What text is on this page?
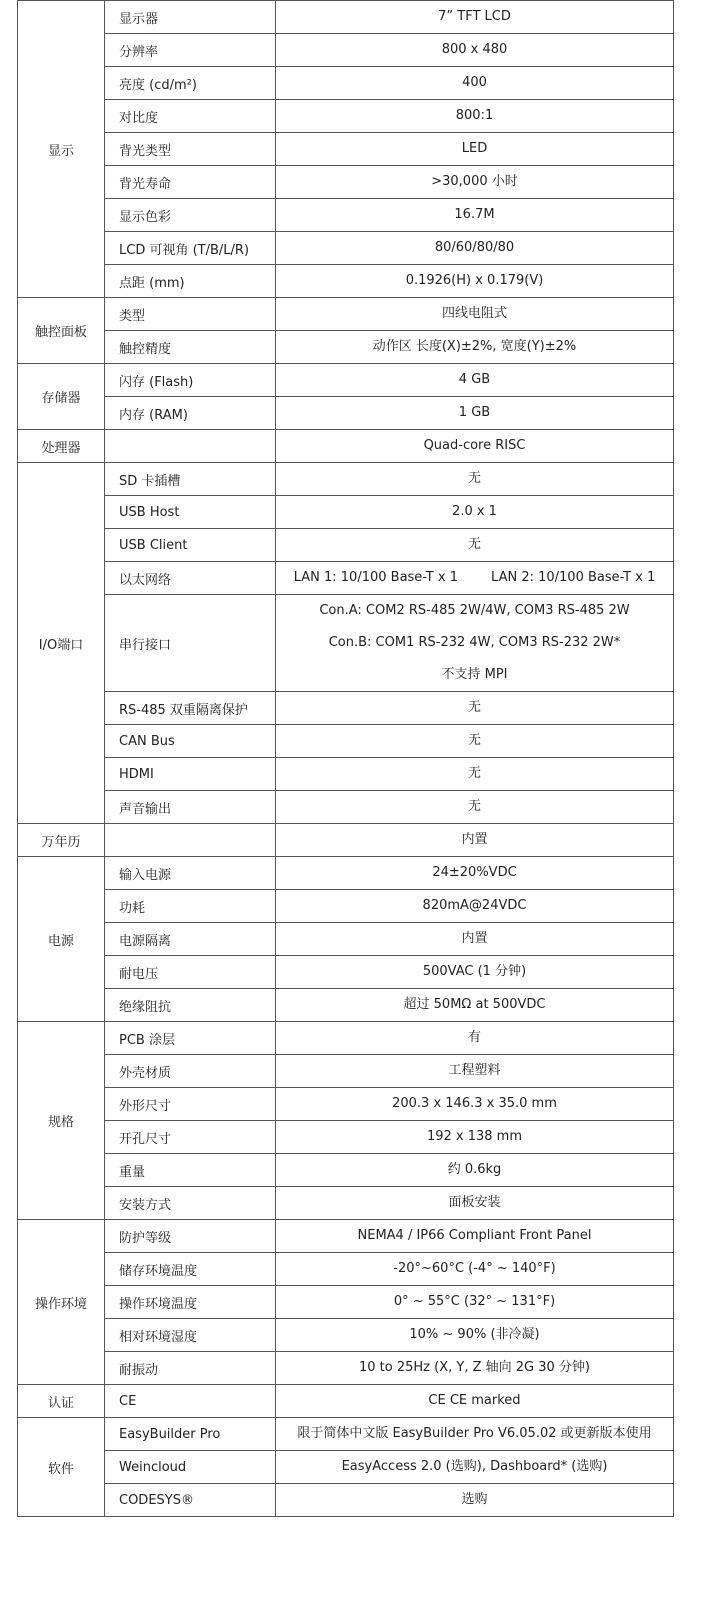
显示	显示器	7” TFT LCD

	分辨率	800 x 480

	亮度 (cd/m²)	400

	对比度	800:1

	背光类型	LED

	背光寿命	>30,000 小时

	显示色彩	16.7M

	LCD 可视角 (T/B/L/R)	80/60/80/80

	点距 (mm)	0.1926(H) x 0.179(V)

触控面板	类型	四线电阻式

	触控精度	动作区 长度(X)±2%, 宽度(Y)±2%

存储器	闪存 (Flash)	4 GB

	内存 (RAM)	1 GB

处理器		Quad-core RISC

I/O端口	SD 卡插槽	无

	USB Host	2.0 x 1

	USB Client	无

	以太网络	LAN 1: 10/100 Base-T x 1        LAN 2: 10/100 Base-T x 1

	串行接口	Con.A: COM2 RS-485 2W/4W, COM3 RS-485 2W
Con.B: COM1 RS-232 4W, COM3 RS-232 2W*
不支持 MPI

	RS-485 双重隔离保护	无

	CAN Bus	无

	HDMI	无

	声音输出	无

万年历		内置

电源	输入电源	24±20%VDC

	功耗	820mA@24VDC

	电源隔离	内置

	耐电压	500VAC (1 分钟)

	绝缘阻抗	超过 50MΩ at 500VDC

规格	PCB 涂层	有

	外壳材质	工程塑料

	外形尺寸	200.3 x 146.3 x 35.0 mm

	开孔尺寸	192 x 138 mm

	重量	约 0.6kg

	安装方式	面板安装

操作环境	防护等级	NEMA4 / IP66 Compliant Front Panel

	储存环境温度	-20°~60°C (-4° ~ 140°F)

	操作环境温度	0° ~ 55°C (32° ~ 131°F)

	相对环境湿度	10% ~ 90% (非冷凝)

	耐振动	10 to 25Hz (X, Y, Z 轴向 2G 30 分钟)

认证	CE	CE CE marked

软件	EasyBuilder Pro	限于简体中文版 EasyBuilder Pro V6.05.02 或更新版本使用

	Weincloud	EasyAccess 2.0 (选购), Dashboard* (选购)

	CODESYS®	选购
